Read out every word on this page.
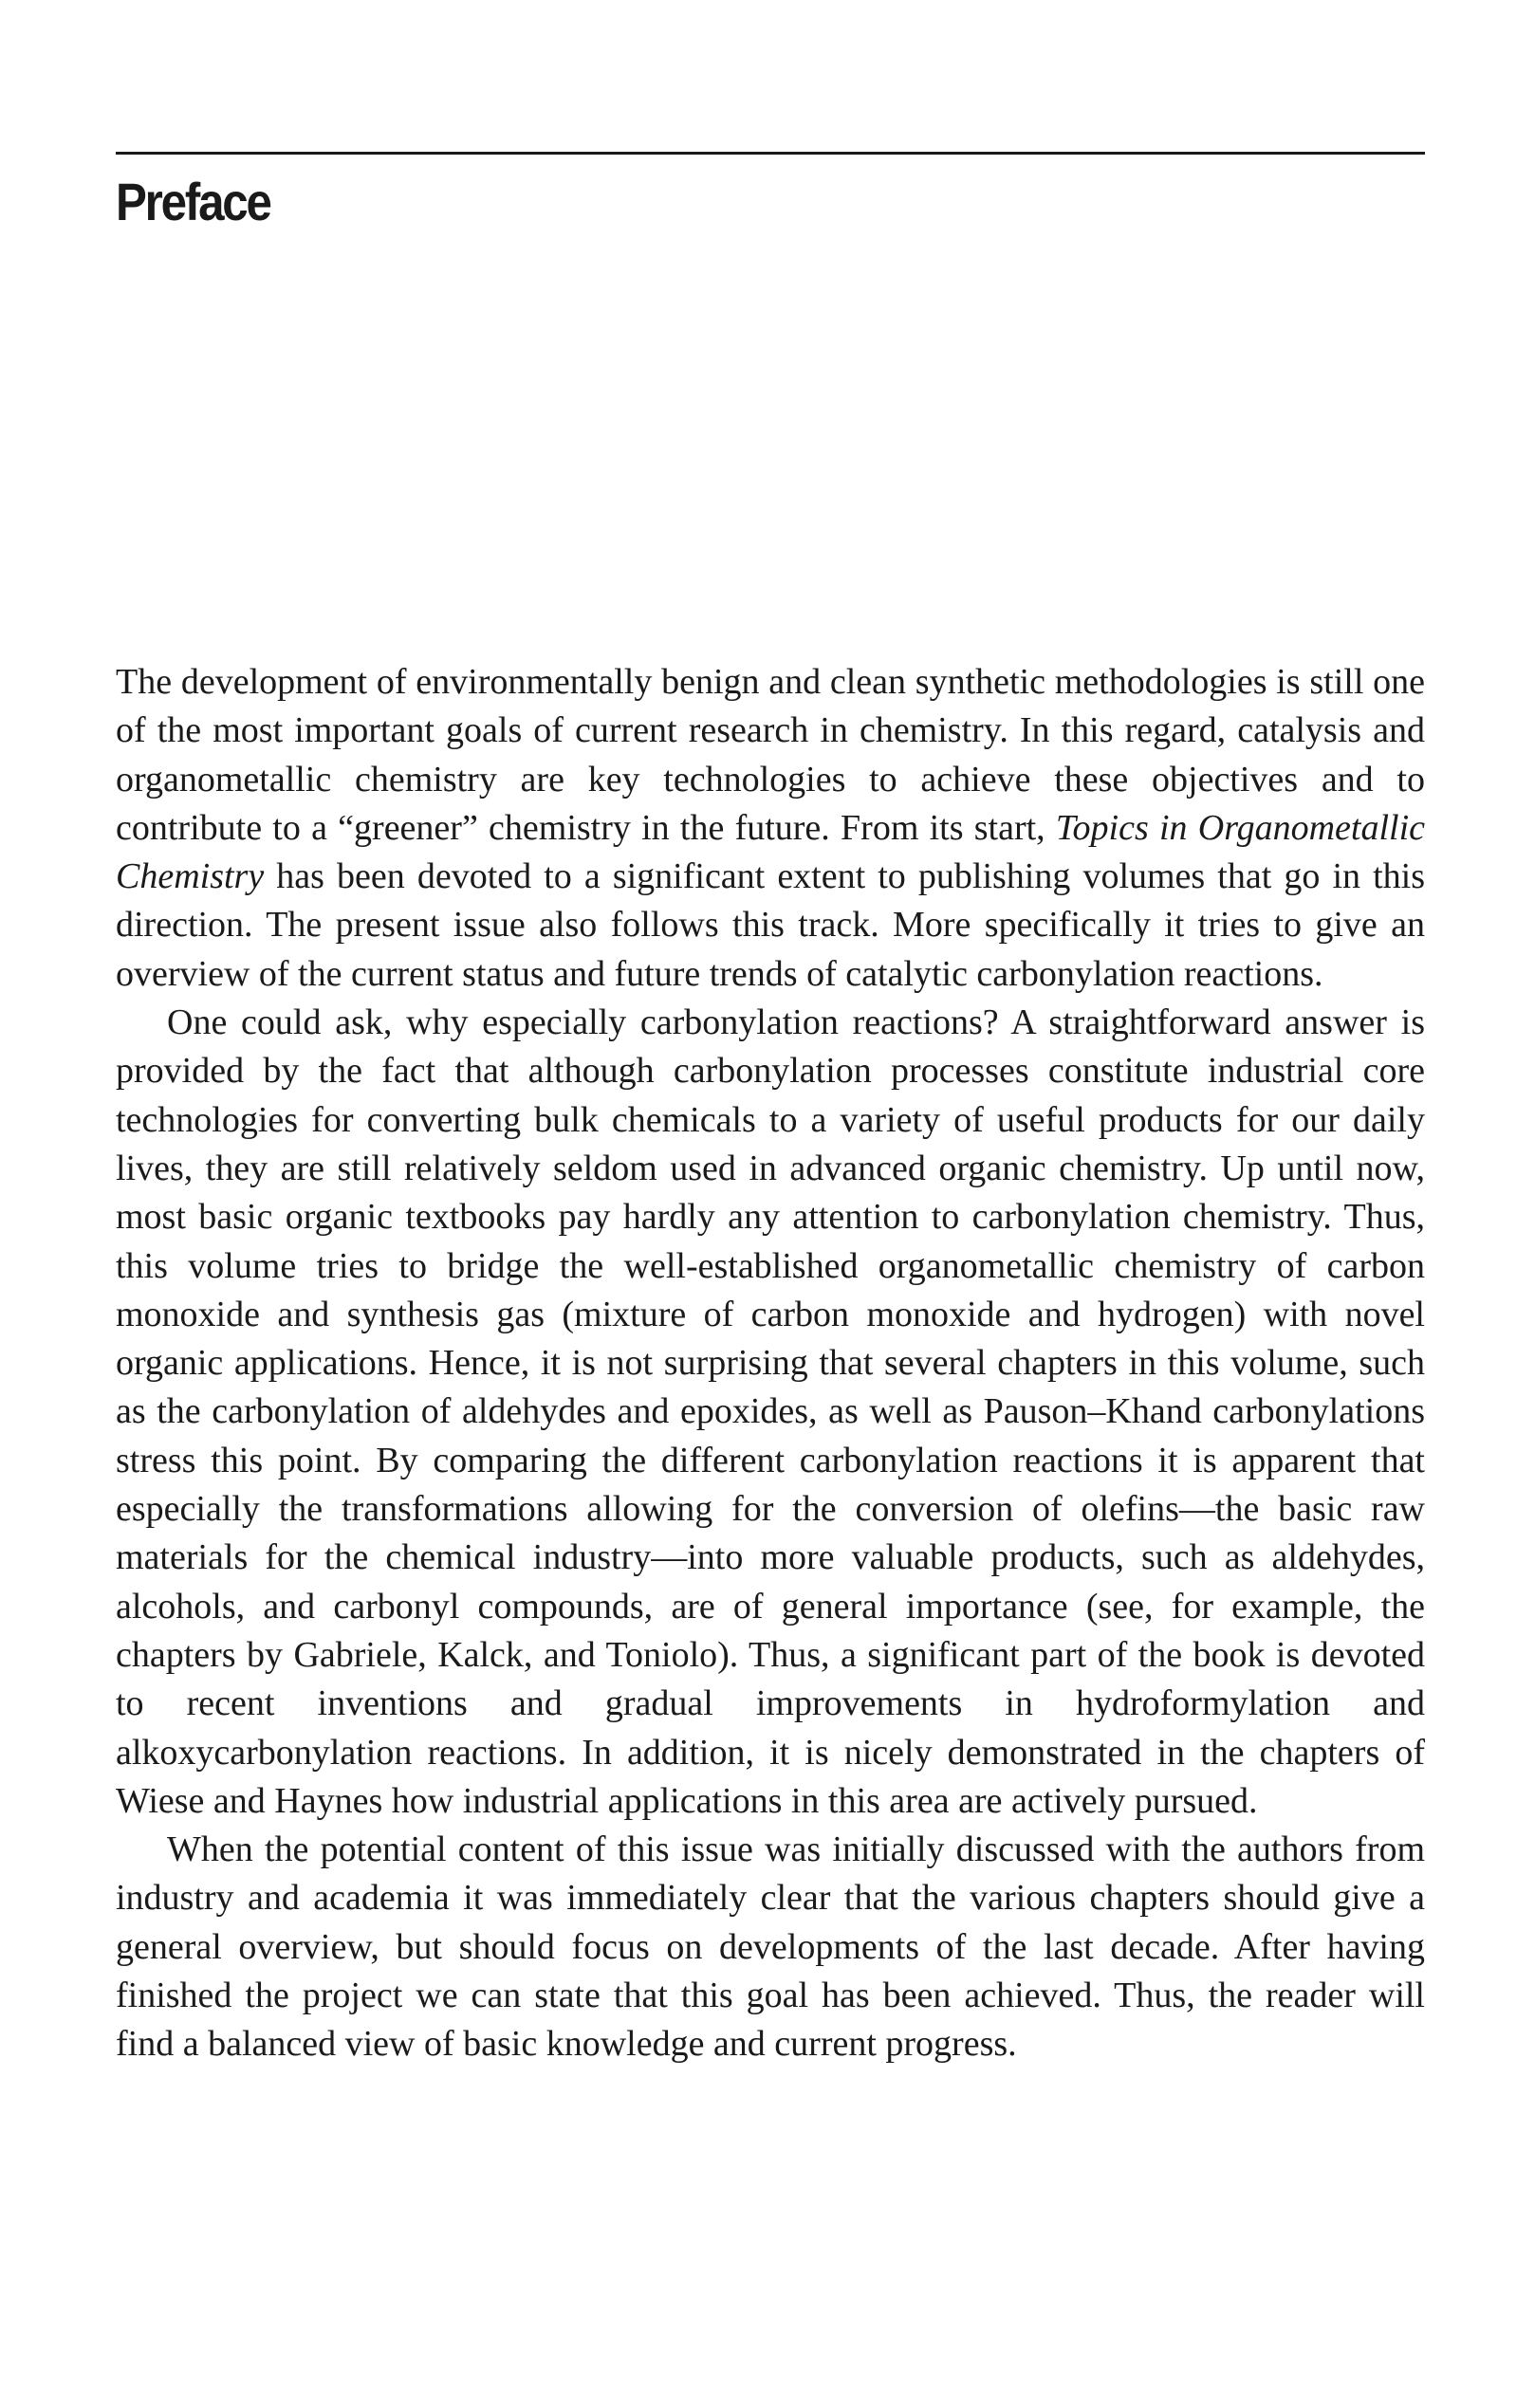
Preface

The development of environmentally benign and clean synthetic methodologies is still one of the most important goals of current research in chemistry. In this regard, catalysis and organometallic chemistry are key technologies to achieve these objectives and to contribute to a “greener” chemistry in the future. From its start, Topics in Organometallic Chemistry has been devoted to a significant extent to publishing volumes that go in this direction. The present issue also follows this track. More specifically it tries to give an overview of the current status and future trends of catalytic carbonylation reactions.

One could ask, why especially carbonylation reactions? A straightforward answer is provided by the fact that although carbonylation processes constitute industrial core technologies for converting bulk chemicals to a variety of useful products for our daily lives, they are still relatively seldom used in advanced organic chemistry. Up until now, most basic organic textbooks pay hardly any attention to carbonylation chemistry. Thus, this volume tries to bridge the well-established organometallic chemistry of carbon monoxide and synthesis gas (mixture of carbon monoxide and hydrogen) with novel organic applications. Hence, it is not surprising that several chapters in this volume, such as the carbonylation of aldehydes and epoxides, as well as Pauson–Khand carbonylations stress this point. By comparing the different carbonylation reactions it is apparent that especially the transformations allowing for the conversion of olefins—the basic raw materials for the chemical industry—into more valuable products, such as aldehydes, alcohols, and carbonyl compounds, are of general importance (see, for example, the chapters by Gabriele, Kalck, and Toniolo). Thus, a significant part of the book is devoted to recent inventions and gradual improvements in hydroformylation and alkoxycarbonylation reactions. In addition, it is nicely demonstrated in the chapters of Wiese and Haynes how industrial applications in this area are actively pursued.

When the potential content of this issue was initially discussed with the authors from industry and academia it was immediately clear that the various chapters should give a general overview, but should focus on developments of the last decade. After having finished the project we can state that this goal has been achieved. Thus, the reader will find a balanced view of basic knowledge and current progress.
